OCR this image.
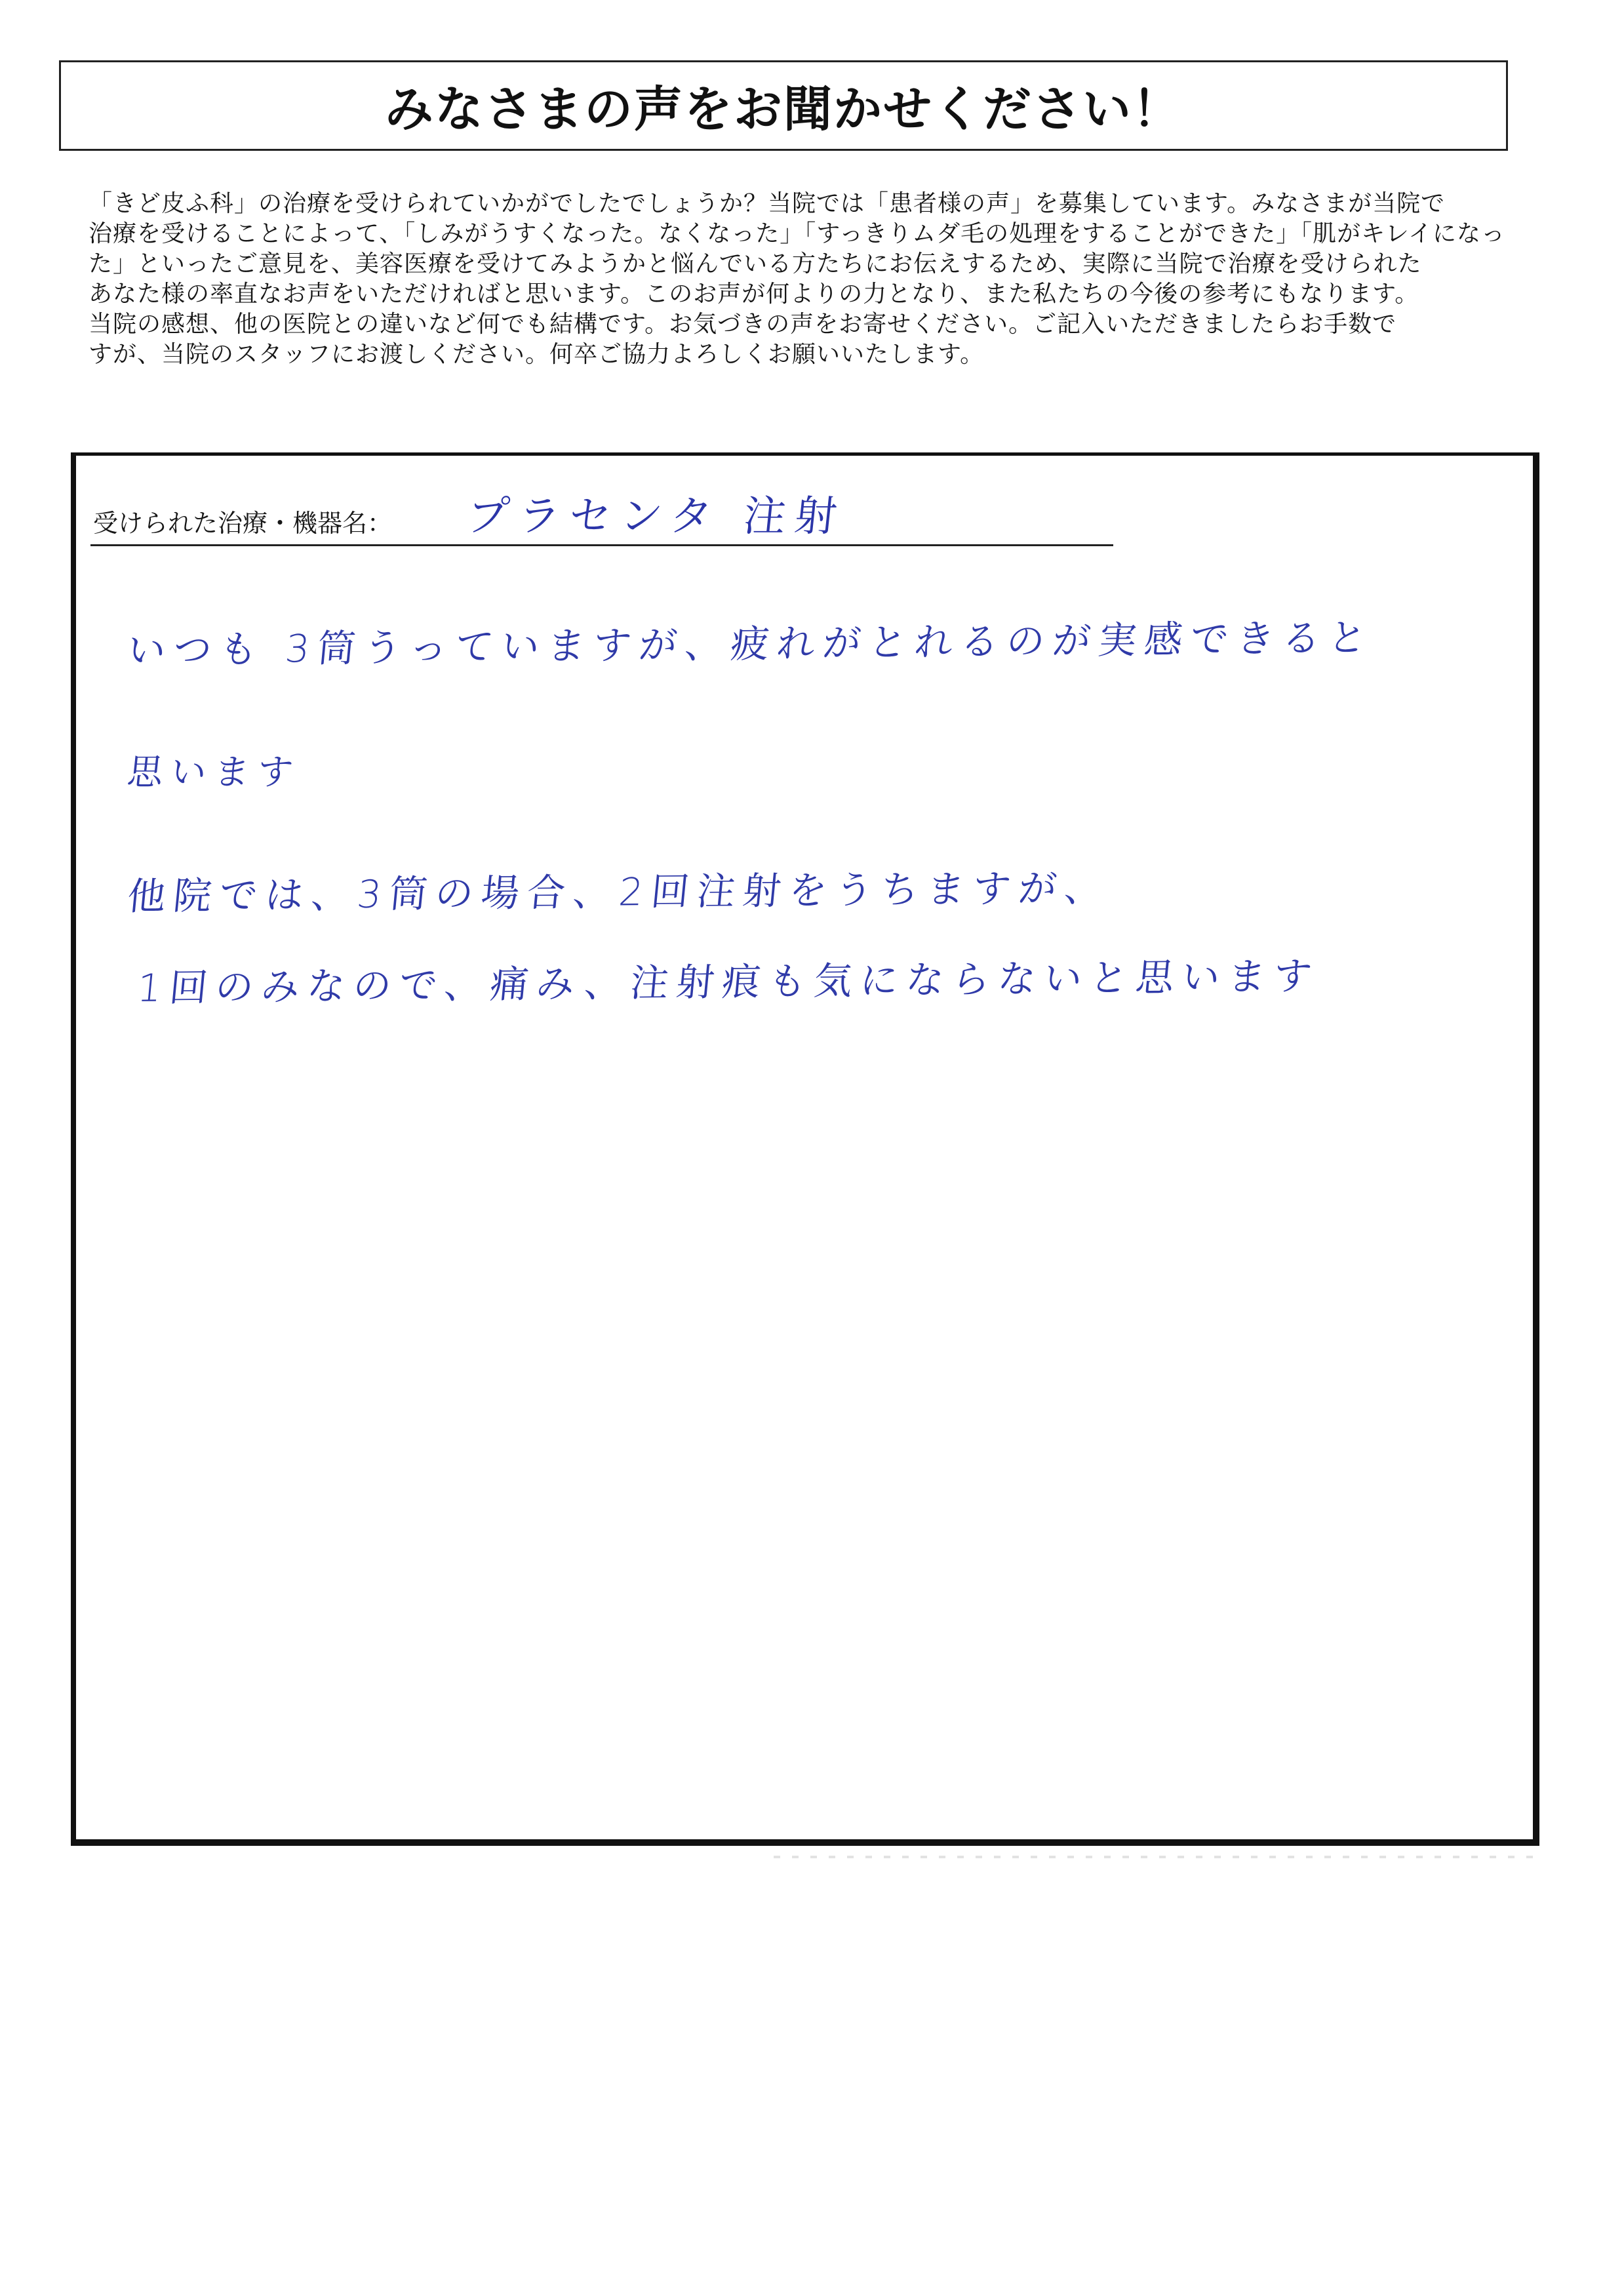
みなさまの声をお聞かせください！
「きど皮ふ科」の治療を受けられていかがでしたでしょうか？当院では「患者様の声」を募集しています。みなさまが当院で
治療を受けることによって、「しみがうすくなった。なくなった」「すっきりムダ毛の処理をすることができた」「肌がキレイになっ
た」といったご意見を、美容医療を受けてみようかと悩んでいる方たちにお伝えするため、実際に当院で治療を受けられた
あなた様の率直なお声をいただければと思います。このお声が何よりの力となり、また私たちの今後の参考にもなります。
当院の感想、他の医院との違いなど何でも結構です。お気づきの声をお寄せください。ご記入いただきましたらお手数で
すが、当院のスタッフにお渡しください。何卒ご協力よろしくお願いいたします。
受けられた治療・機器名： プラセンタ 注射
いつも 3筒うっていますが、疲れがとれるのが実感できると
思います
他院では、3筒の場合、2回注射をうちますが、
1回のみなので、痛み、注射痕も気にならないと思います
